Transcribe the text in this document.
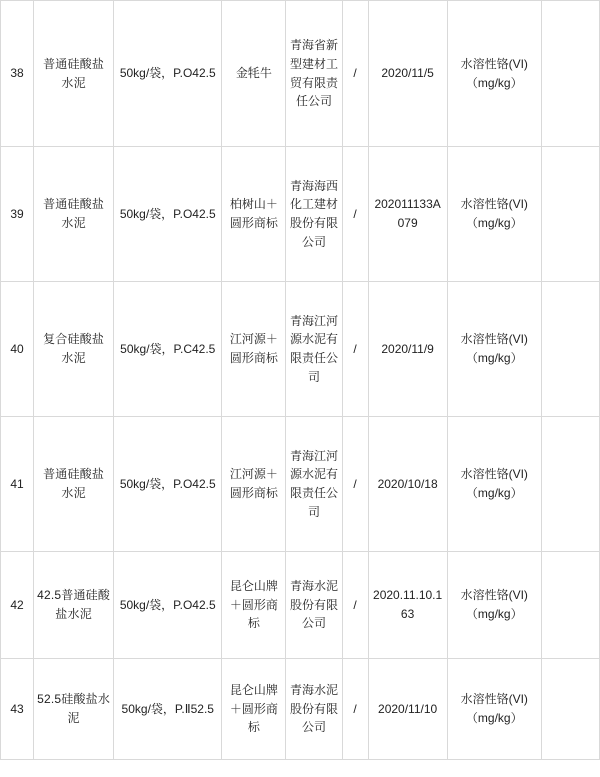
38	普通硅酸盐水泥	50kg/袋，P.O42.5	金牦牛	青海省新型建材工贸有限责任公司	/	2020/11/5	水溶性铬(VI)（mg/kg）	
39	普通硅酸盐水泥	50kg/袋，P.O42.5	柏树山＋圆形商标	青海海西化工建材股份有限公司	/	202011133A079	水溶性铬(VI)（mg/kg）	
40	复合硅酸盐水泥	50kg/袋，P.C42.5	江河源＋圆形商标	青海江河源水泥有限责任公司	/	2020/11/9	水溶性铬(VI)（mg/kg）	
41	普通硅酸盐水泥	50kg/袋，P.O42.5	江河源＋圆形商标	青海江河源水泥有限责任公司	/	2020/10/18	水溶性铬(VI)（mg/kg）	
42	42.5普通硅酸盐水泥	50kg/袋，P.O42.5	昆仑山牌＋圆形商标	青海水泥股份有限公司	/	2020.11.10.163	水溶性铬(VI)（mg/kg）	
43	52.5硅酸盐水泥	50kg/袋，P.Ⅱ52.5	昆仑山牌＋圆形商标	青海水泥股份有限公司	/	2020/11/10	水溶性铬(VI)（mg/kg）	
